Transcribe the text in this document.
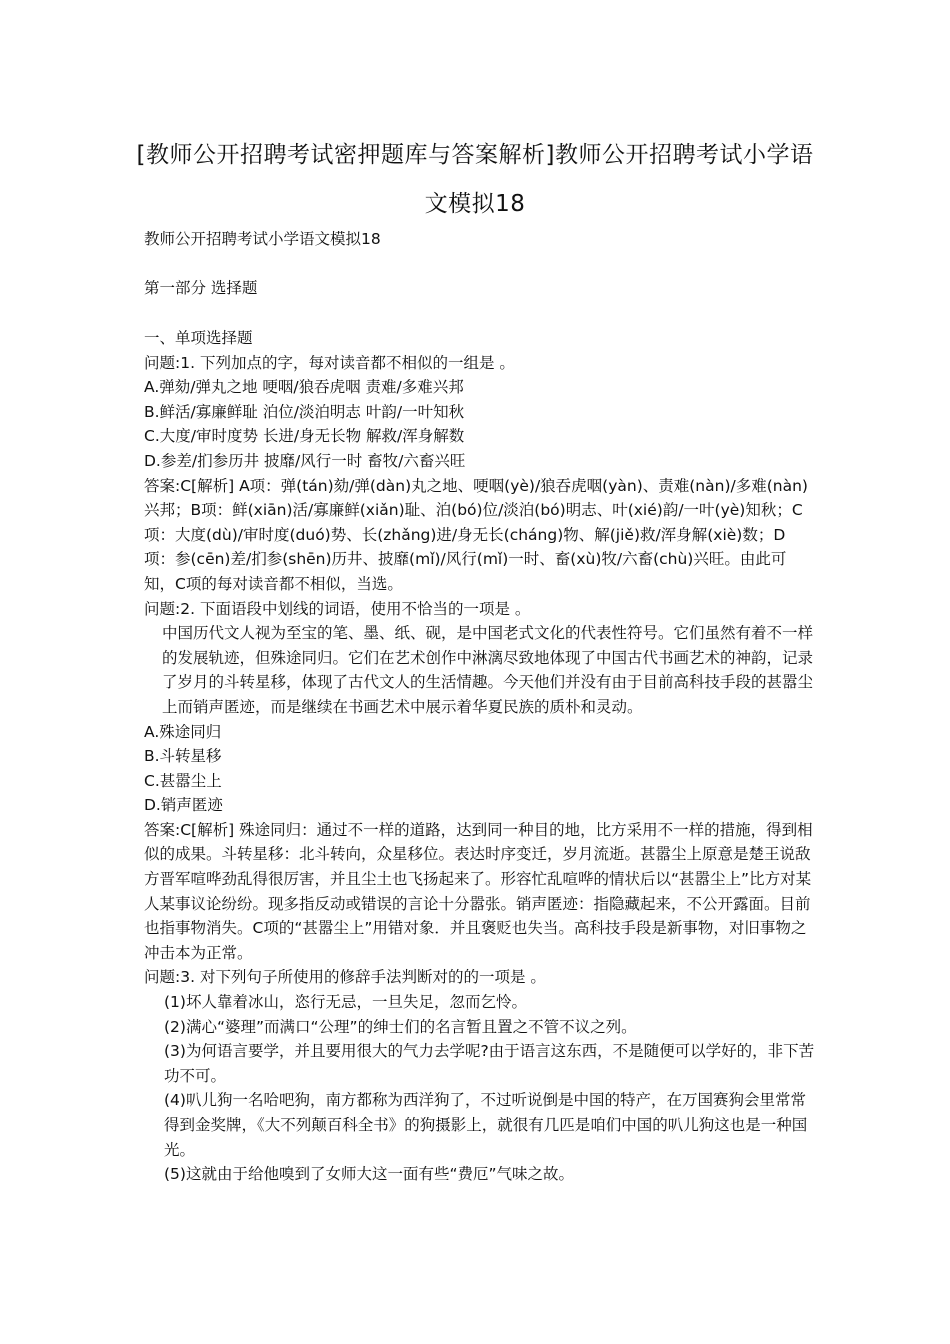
[教师公开招聘考试密押题库与答案解析]教师公开招聘考试小学语
文模拟18
教师公开招聘考试小学语文模拟18
第一部分 选择题

一、单项选择题

问题:1. 下列加点的字，每对读音都不相似的一组是 。

A.弹劾/弹丸之地 哽咽/狼吞虎咽 责难/多难兴邦

B.鲜活/寡廉鲜耻 泊位/淡泊明志 叶韵/一叶知秋

C.大度/审时度势 长进/身无长物 解救/浑身解数

D.参差/扪参历井 披靡/风行一时 畜牧/六畜兴旺

答案:C[解析] A项：弹(tán)劾/弹(dàn)丸之地、哽咽(yè)/狼吞虎咽(yàn)、责难(nàn)/多难(nàn)兴邦；B项：鲜(xiān)活/寡廉鲜(xiǎn)耻、泊(bó)位/淡泊(bó)明志、叶(xié)韵/一叶(yè)知秋；C项：大度(dù)/审时度(duó)势、长(zhǎng)进/身无长(cháng)物、解(jiě)救/浑身解(xiè)数；D项：参(cēn)差/扪参(shēn)历井、披靡(mǐ)/风行(mǐ)一时、畜(xù)牧/六畜(chù)兴旺。由此可知，C项的每对读音都不相似，当选。

问题:2. 下面语段中划线的词语，使用不恰当的一项是 。

中国历代文人视为至宝的笔、墨、纸、砚，是中国老式文化的代表性符号。它们虽然有着不一样的发展轨迹，但殊途同归。它们在艺术创作中淋漓尽致地体现了中国古代书画艺术的神韵，记录了岁月的斗转星移，体现了古代文人的生活情趣。今天他们并没有由于目前高科技手段的甚嚣尘上而销声匿迹，而是继续在书画艺术中展示着华夏民族的质朴和灵动。

A.殊途同归

B.斗转星移

C.甚嚣尘上

D.销声匿迹

答案:C[解析] 殊途同归：通过不一样的道路，达到同一种目的地，比方采用不一样的措施，得到相似的成果。斗转星移：北斗转向，众星移位。表达时序变迁，岁月流逝。甚嚣尘上原意是楚王说敌方晋军喧哗劲乱得很厉害，并且尘土也飞扬起来了。形容忙乱喧哗的情状后以“甚嚣尘上”比方对某人某事议论纷纷。现多指反动或错误的言论十分嚣张。销声匿迹：指隐藏起来，不公开露面。目前也指事物消失。C项的“甚嚣尘上”用错对象．并且褒贬也失当。高科技手段是新事物，对旧事物之冲击本为正常。

问题:3. 对下列句子所使用的修辞手法判断对的的一项是 。

(1)坏人靠着冰山，恣行无忌，一旦失足，忽而乞怜。

(2)满心“婆理”而满口“公理”的绅士们的名言暂且置之不管不议之列。

(3)为何语言要学，并且要用很大的气力去学呢?由于语言这东西，不是随便可以学好的，非下苦功不可。

(4)叭儿狗一名哈吧狗，南方都称为西洋狗了，不过听说倒是中国的特产，在万国赛狗会里常常得到金奖牌，《大不列颠百科全书》的狗摄影上，就很有几匹是咱们中国的叭儿狗这也是一种国光。

(5)这就由于给他嗅到了女师大这一面有些“费厄”气味之故。
